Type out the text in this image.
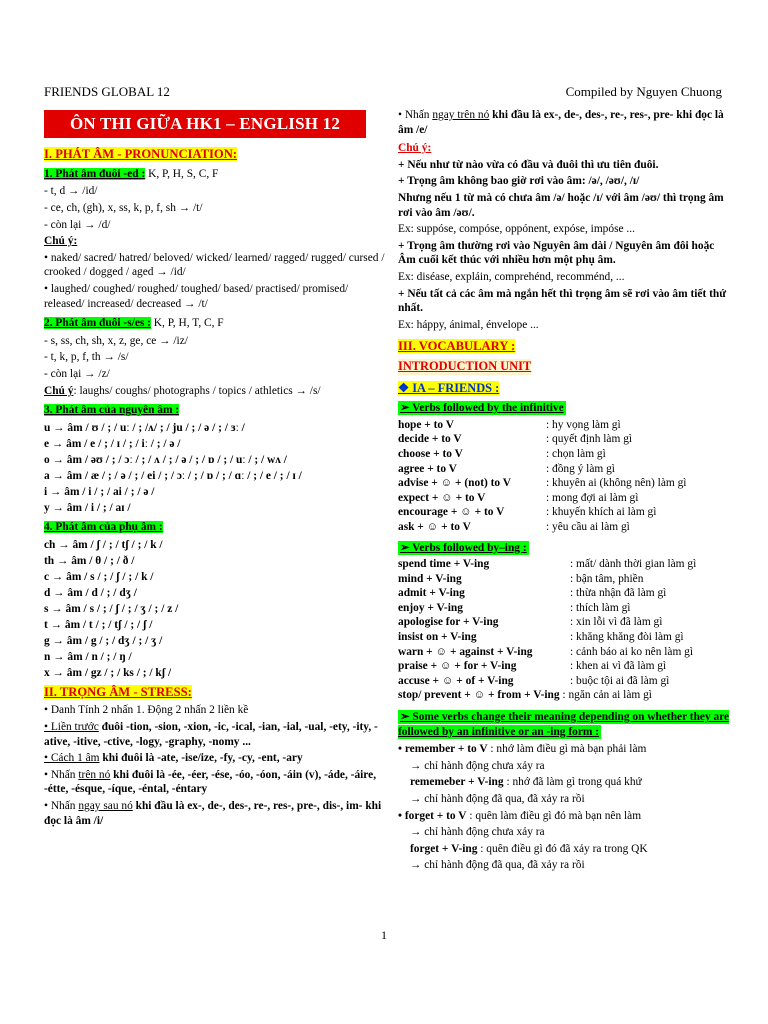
FRIENDS GLOBAL 12	Compiled by Nguyen Chuong
ÔN THI GIỮA HK1 – ENGLISH 12
I. PHÁT ÂM - PRONUNCIATION:
1. Phát âm đuôi -ed : K, P, H, S, C, F

- t, d → /id/

- ce, ch, (gh), x, ss, k, p, f, sh → /t/

- còn lại → /d/

Chú ý:

• naked/ sacred/ hatred/ beloved/ wicked/ learned/ ragged/ rugged/ cursed / crooked / dogged / aged → /id/

• laughed/ coughed/ roughed/ toughed/ based/ practised/ promised/ released/ increased/ decreased → /t/

2. Phát âm đuôi -s/es : K, P, H, T, C, F

- s, ss, ch, sh, x, z, ge, ce → /iz/

- t, k, p, f, th → /s/

- còn lại → /z/

Chú ý: laughs/ coughs/ photographs / topics / athletics → /s/

3. Phát âm của nguyên âm :

u → âm / ʊ / ; / uː / ; /ʌ/ ; / ju / ; / ə / ; / ɜː /

e → âm / e / ; / ɪ / ; / iː / ; / ə /

o → âm / əʊ / ; / ɔː / ; / ʌ / ; / ə / ; / ɒ / ; / uː / ; / wʌ /

a → âm / æ / ; / ə / ; / ei / ; / ɔː / ; / ɒ / ; / ɑː / ; / e / ; / ɪ /

i → âm / i / ; / ai / ; / ə /

y → âm / i / ; / aɪ /

4. Phát âm của phụ âm :

ch → âm / ʃ / ; / tʃ / ; / k /

th → âm / θ / ; / ð /

c → âm / s / ; / ʃ / ; / k /

d → âm / d / ; / dʒ /

s → âm / s / ; / ʃ / ; / ʒ / ; / z /

t → âm / t / ; / tʃ / ; / ʃ /

g → âm / g / ; / dʒ / ; / ʒ /

n → âm / n / ; / ŋ /

x → âm / gz / ; / ks / ; / kʃ /

II. TRỌNG ÂM - STRESS:

• Danh Tính 2 nhấn 1. Động 2 nhấn 2 liền kề

• Liền trước đuôi -tion, -sion, -xion, -ic, -ical, -ian, -ial, -ual, -ety, -ity, -ative, -itive, -ctive, -logy, -graphy, -nomy ...

• Cách 1 âm khi đuôi là -ate, -ise/ize, -fy, -cy, -ent, -ary

• Nhấn trên nó khi đuôi là -ée, -éer, -ése, -óo, -óon, -áin (v), -áde, -áire, -étte, -ésque, -íque, -éntal, -éntary

• Nhấn ngay sau nó khi đầu là ex-, de-, des-, re-, res-, pre-, dis-, im- khi đọc là âm /i/

• Nhấn ngay trên nó khi đầu là ex-, de-, des-, re-, res-, pre- khi đọc là âm /e/

Chú ý:

+ Nếu như từ nào vừa có đầu và đuôi thì ưu tiên đuôi.

+ Trọng âm không bao giờ rơi vào âm: /ə/, /əʊ/, /ɪ/

Nhưng nếu 1 từ mà có chưa âm /ə/ hoặc /ɪ/ với âm /əʊ/ thì trọng âm rơi vào âm /əʊ/.

Ex: suppóse, compóse, oppónent, expóse, impóse ...

+ Trọng âm thường rơi vào Nguyên âm dài / Nguyên âm đôi hoặc Âm cuối kết thúc với nhiều hơn một phụ âm.

Ex: diséase, expláin, comprehénd, recomménd, ...

+ Nếu tất cả các âm mà ngắn hết thì trọng âm sẽ rơi vào âm tiết thứ nhất.

Ex: háppy, ánimal, énvelope ...

III. VOCABULARY :

INTRODUCTION UNIT

❖ IA – FRIENDS :

➢ Verbs followed by the infinitive

hope + to V	: hy vọng làm gì
decide + to V	: quyết định làm gì
choose + to V	: chọn làm gì
agree + to V	: đồng ý làm gì
advise + ☺ + (not) to V	: khuyên ai (không nên) làm gì
expect + ☺ + to V	: mong đợi ai làm gì
encourage + ☺ + to V	: khuyến khích ai làm gì
ask + ☺ + to V	: yêu cầu ai làm gì

➢ Verbs followed by–ing :

spend time + V-ing	: mất/ dành thời gian làm gì
mind + V-ing	: bận tâm, phiền
admit + V-ing	: thừa nhận đã làm gì
enjoy + V-ing	: thích làm gì
apologise for + V-ing	: xin lỗi vì đã làm gì
insist on + V-ing	: khăng khăng đòi làm gì
warn + ☺ + against + V-ing	: cảnh báo ai ko nên làm gì
praise + ☺ + for + V-ing	: khen ai vì đã làm gì
accuse + ☺ + of + V-ing	: buộc tội ai đã làm gì

stop/ prevent + ☺ + from + V-ing : ngăn cản ai làm gì

➢ Some verbs change their meaning depending on whether they are followed by an infinitive or an -ing form :

• remember + to V : nhớ làm điều gì mà bạn phải làm

→ chỉ hành động chưa xảy ra

rememeber + V-ing : nhớ đã làm gì trong quá khứ

→ chỉ hành động đã qua, đã xảy ra rồi

• forget + to V : quên làm điều gì đó mà bạn nên làm

→ chỉ hành động chưa xảy ra

forget + V-ing : quên điều gì đó đã xảy ra trong QK

→ chỉ hành động đã qua, đã xảy ra rồi

1
